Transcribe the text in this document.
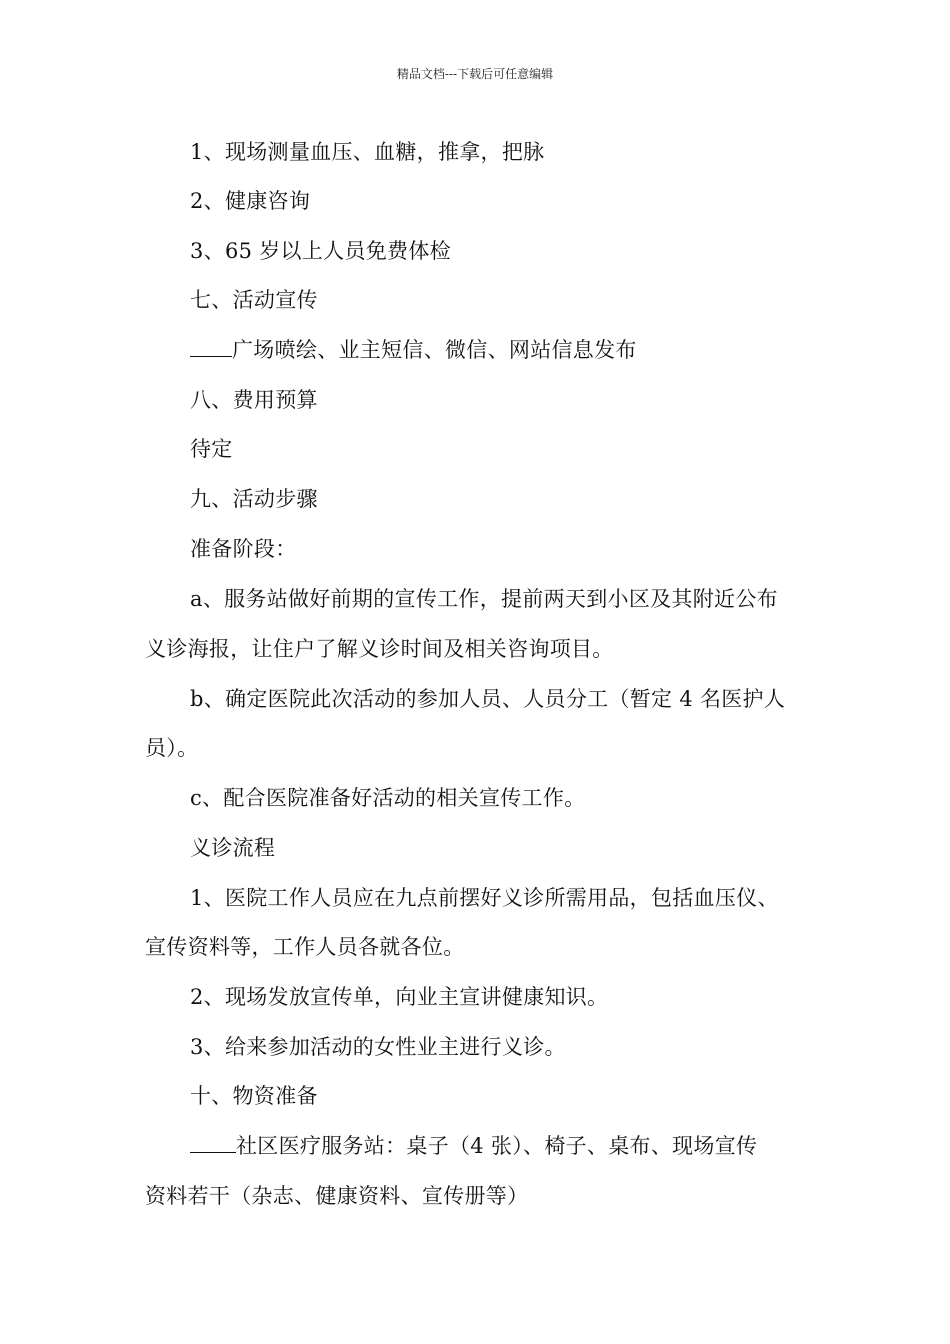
精品文档---下载后可任意编辑
1、现场测量血压、血糖，推拿，把脉
2、健康咨询
3、65 岁以上人员免费体检
七、活动宣传
广场喷绘、业主短信、微信、网站信息发布
八、费用预算
待定
九、活动步骤
准备阶段：
a、服务站做好前期的宣传工作，提前两天到小区及其附近公布
义诊海报，让住户了解义诊时间及相关咨询项目。
b、确定医院此次活动的参加人员、人员分工（暂定 4 名医护人
员）。
c、配合医院准备好活动的相关宣传工作。
义诊流程
1、医院工作人员应在九点前摆好义诊所需用品，包括血压仪、
宣传资料等，工作人员各就各位。
2、现场发放宣传单，向业主宣讲健康知识。
3、给来参加活动的女性业主进行义诊。
十、物资准备
社区医疗服务站：桌子（4 张）、椅子、桌布、现场宣传
资料若干（杂志、健康资料、宣传册等）
